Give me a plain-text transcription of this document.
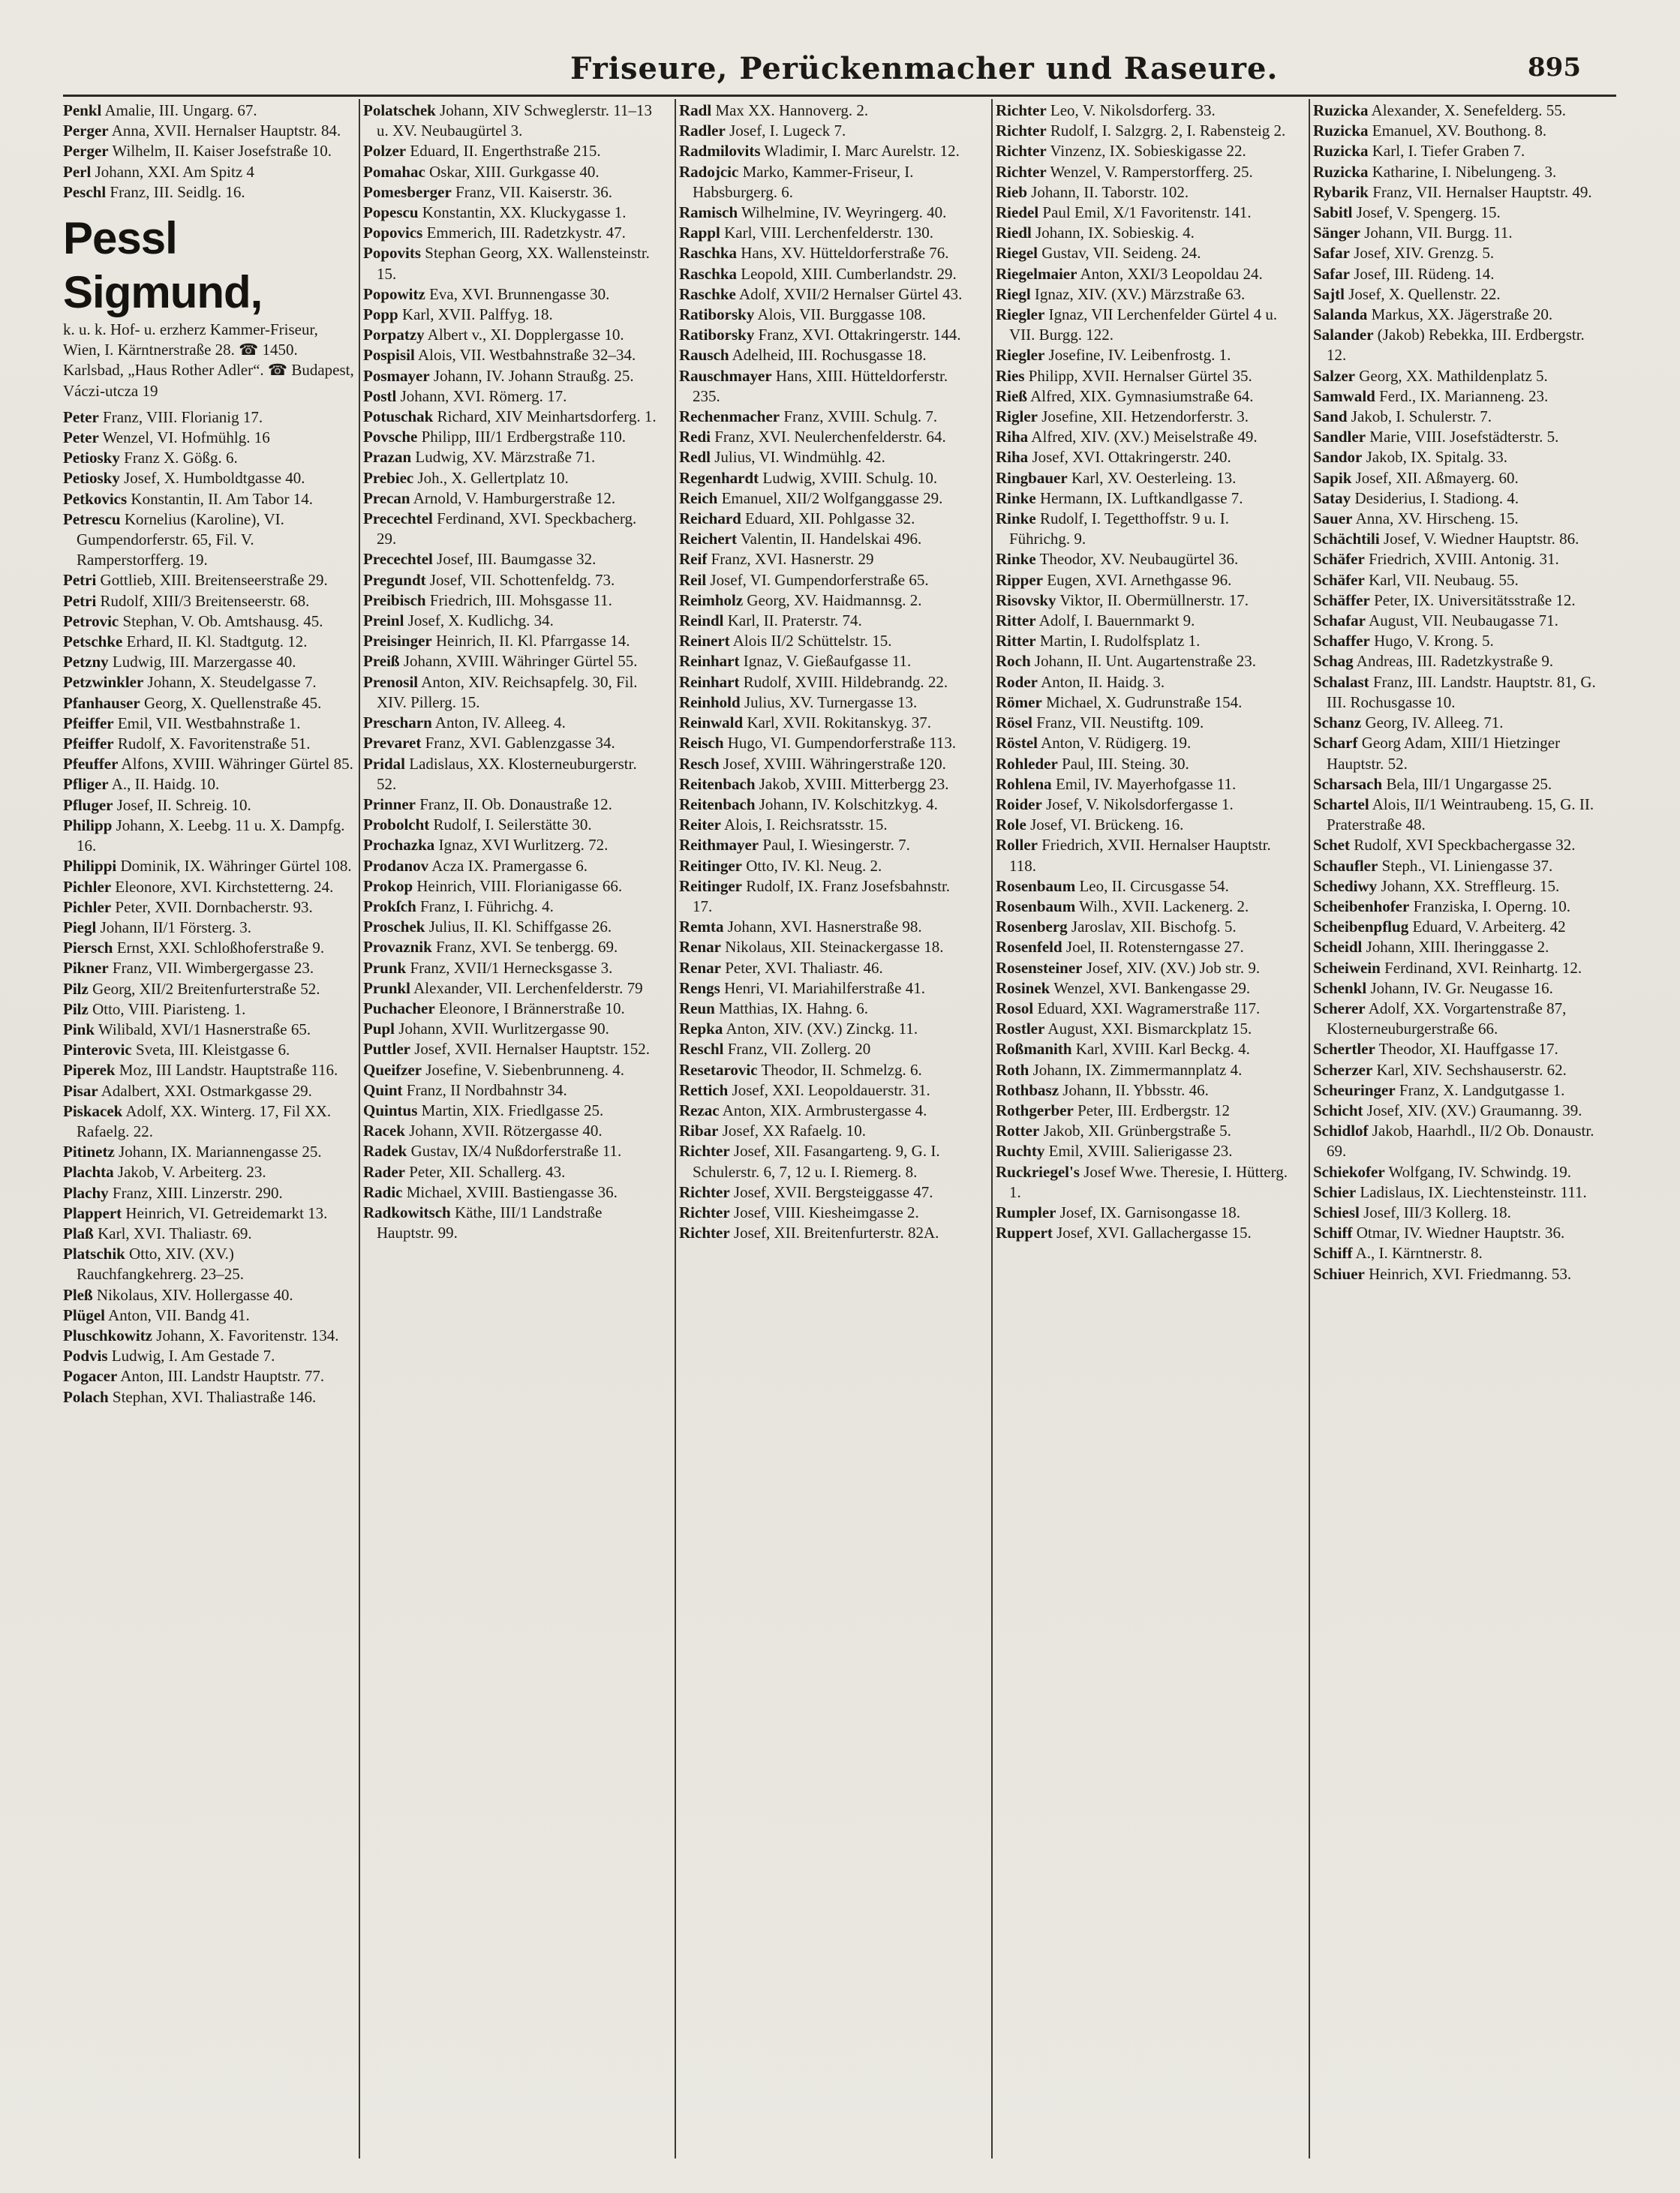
Friseure, Perückenmacher und Raseure.	895

Penkl Amalie, III. Ungarg. 67.

Perger Anna, XVII. Hernalser Hauptstr. 84.

Perger Wilhelm, II. Kaiser Josefstraße 10.

Perl Johann, XXI. Am Spitz 4

Peschl Franz, III. Seidlg. 16.

Pessl Sigmund,
k. u. k. Hof- u. erzherz Kammer-Friseur, Wien, I. Kärntnerstraße 28. ☎ 1450. Karlsbad, „Haus Rother Adler“. ☎ Budapest, Váczi-utcza 19

Peter Franz, VIII. Florianig 17.

Peter Wenzel, VI. Hofmühlg. 16

Petiosky Franz X. Gößg. 6.

Petiosky Josef, X. Humboldtgasse 40.

Petkovics Konstantin, II. Am Tabor 14.

Petrescu Kornelius (Karoline), VI. Gumpendorferstr. 65, Fil. V. Ramperstorfferg. 19.

Petri Gottlieb, XIII. Breitenseerstraße 29.

Petri Rudolf, XIII/3 Breitenseerstr. 68.

Petrovic Stephan, V. Ob. Amtshausg. 45.

Petschke Erhard, II. Kl. Stadtgutg. 12.

Petzny Ludwig, III. Marzergasse 40.

Petzwinkler Johann, X. Steudelgasse 7.

Pfanhauser Georg, X. Quellenstraße 45.

Pfeiffer Emil, VII. Westbahnstraße 1.

Pfeiffer Rudolf, X. Favoritenstraße 51.

Pfeuffer Alfons, XVIII. Währinger Gürtel 85.

Pfliger A., II. Haidg. 10.

Pfluger Josef, II. Schreig. 10.

Philipp Johann, X. Leebg. 11 u. X. Dampfg. 16.

Philippi Dominik, IX. Währinger Gürtel 108.

Pichler Eleonore, XVI. Kirchstetterng. 24.

Pichler Peter, XVII. Dornbacherstr. 93.

Piegl Johann, II/1 Försterg. 3.

Piersch Ernst, XXI. Schloßhoferstraße 9.

Pikner Franz, VII. Wimbergergasse 23.

Pilz Georg, XII/2 Breitenfurterstraße 52.

Pilz Otto, VIII. Piaristeng. 1.

Pink Wilibald, XVI/1 Hasnerstraße 65.

Pinterovic Sveta, III. Kleistgasse 6.

Piperek Moz, III Landstr. Hauptstraße 116.

Pisar Adalbert, XXI. Ostmarkgasse 29.

Piskacek Adolf, XX. Winterg. 17, Fil XX. Rafaelg. 22.

Pitinetz Johann, IX. Mariannengasse 25.

Plachta Jakob, V. Arbeiterg. 23.

Plachy Franz, XIII. Linzerstr. 290.

Plappert Heinrich, VI. Getreidemarkt 13.

Plaß Karl, XVI. Thaliastr. 69.

Platschik Otto, XIV. (XV.) Rauchfangkehrerg. 23–25.

Pleß Nikolaus, XIV. Hollergasse 40.

Plügel Anton, VII. Bandg 41.

Pluschkowitz Johann, X. Favoritenstr. 134.

Podvis Ludwig, I. Am Gestade 7.

Pogacer Anton, III. Landstr Hauptstr. 77.

Polach Stephan, XVI. Thaliastraße 146.

Polatschek Johann, XIV Schweglerstr. 11–13 u. XV. Neubaugürtel 3.

Polzer Eduard, II. Engerthstraße 215.

Pomahac Oskar, XIII. Gurkgasse 40.

Pomesberger Franz, VII. Kaiserstr. 36.

Popescu Konstantin, XX. Kluckygasse 1.

Popovics Emmerich, III. Radetzkystr. 47.

Popovits Stephan Georg, XX. Wallensteinstr. 15.

Popowitz Eva, XVI. Brunnengasse 30.

Popp Karl, XVII. Palffyg. 18.

Porpatzy Albert v., XI. Dopplergasse 10.

Pospisil Alois, VII. Westbahnstraße 32–34.

Posmayer Johann, IV. Johann Straußg. 25.

Postl Johann, XVI. Römerg. 17.

Potuschak Richard, XIV Meinhartsdorferg. 1.

Povsche Philipp, III/1 Erdbergstraße 110.

Prazan Ludwig, XV. Märzstraße 71.

Prebiec Joh., X. Gellertplatz 10.

Precan Arnold, V. Hamburgerstraße 12.

Precechtel Ferdinand, XVI. Speckbacherg. 29.

Precechtel Josef, III. Baumgasse 32.

Pregundt Josef, VII. Schottenfeldg. 73.

Preibisch Friedrich, III. Mohsgasse 11.

Preinl Josef, X. Kudlichg. 34.

Preisinger Heinrich, II. Kl. Pfarrgasse 14.

Preiß Johann, XVIII. Währinger Gürtel 55.

Prenosil Anton, XIV. Reichsapfelg. 30, Fil. XIV. Pillerg. 15.

Prescharn Anton, IV. Alleeg. 4.

Prevaret Franz, XVI. Gablenzgasse 34.

Pridal Ladislaus, XX. Klosterneuburgerstr. 52.

Prinner Franz, II. Ob. Donaustraße 12.

Probolcht Rudolf, I. Seilerstätte 30.

Prochazka Ignaz, XVI Wurlitzerg. 72.

Prodanov Acza IX. Pramergasse 6.

Prokop Heinrich, VIII. Florianigasse 66.

Prokſch Franz, I. Führichg. 4.

Proschek Julius, II. Kl. Schiffgasse 26.

Provaznik Franz, XVI. Se tenbergg. 69.

Prunk Franz, XVII/1 Hernecksgasse 3.

Prunkl Alexander, VII. Lerchenfelderstr. 79

Puchacher Eleonore, I Brännerstraße 10.

Pupl Johann, XVII. Wurlitzergasse 90.

Puttler Josef, XVII. Hernalser Hauptstr. 152.

Queifzer Josefine, V. Siebenbrunneng. 4.

Quint Franz, II Nordbahnstr 34.

Quintus Martin, XIX. Friedlgasse 25.

Racek Johann, XVII. Rötzergasse 40.

Radek Gustav, IX/4 Nußdorferstraße 11.

Rader Peter, XII. Schallerg. 43.

Radic Michael, XVIII. Bastiengasse 36.

Radkowitsch Käthe, III/1 Landstraße Hauptstr. 99.

Radl Max XX. Hannoverg. 2.

Radler Josef, I. Lugeck 7.

Radmilovits Wladimir, I. Marc Aurelstr. 12.

Radojcic Marko, Kammer-Friseur, I. Habsburgerg. 6.

Ramisch Wilhelmine, IV. Weyringerg. 40.

Rappl Karl, VIII. Lerchenfelderstr. 130.

Raschka Hans, XV. Hütteldorferstraße 76.

Raschka Leopold, XIII. Cumberlandstr. 29.

Raschke Adolf, XVII/2 Hernalser Gürtel 43.

Ratiborsky Alois, VII. Burggasse 108.

Ratiborsky Franz, XVI. Ottakringerstr. 144.

Rausch Adelheid, III. Rochusgasse 18.

Rauschmayer Hans, XIII. Hütteldorferstr. 235.

Rechenmacher Franz, XVIII. Schulg. 7.

Redi Franz, XVI. Neulerchenfelderstr. 64.

Redl Julius, VI. Windmühlg. 42.

Regenhardt Ludwig, XVIII. Schulg. 10.

Reich Emanuel, XII/2 Wolfganggasse 29.

Reichard Eduard, XII. Pohlgasse 32.

Reichert Valentin, II. Handelskai 496.

Reif Franz, XVI. Hasnerstr. 29

Reil Josef, VI. Gumpendorferstraße 65.

Reimholz Georg, XV. Haidmannsg. 2.

Reindl Karl, II. Praterstr. 74.

Reinert Alois II/2 Schüttelstr. 15.

Reinhart Ignaz, V. Gießaufgasse 11.

Reinhart Rudolf, XVIII. Hildebrandg. 22.

Reinhold Julius, XV. Turnergasse 13.

Reinwald Karl, XVII. Rokitanskyg. 37.

Reisch Hugo, VI. Gumpendorferstraße 113.

Resch Josef, XVIII. Währingerstraße 120.

Reitenbach Jakob, XVIII. Mitterbergg 23.

Reitenbach Johann, IV. Kolschitzkyg. 4.

Reiter Alois, I. Reichsratsstr. 15.

Reithmayer Paul, I. Wiesingerstr. 7.

Reitinger Otto, IV. Kl. Neug. 2.

Reitinger Rudolf, IX. Franz Josefsbahnstr. 17.

Remta Johann, XVI. Hasnerstraße 98.

Renar Nikolaus, XII. Steinackergasse 18.

Renar Peter, XVI. Thaliastr. 46.

Rengs Henri, VI. Mariahilferstraße 41.

Reun Matthias, IX. Hahng. 6.

Repka Anton, XIV. (XV.) Zinckg. 11.

Reschl Franz, VII. Zollerg. 20

Resetarovic Theodor, II. Schmelzg. 6.

Rettich Josef, XXI. Leopoldauerstr. 31.

Rezac Anton, XIX. Armbrustergasse 4.

Ribar Josef, XX Rafaelg. 10.

Richter Josef, XII. Fasangarteng. 9, G. I. Schulerstr. 6, 7, 12 u. I. Riemerg. 8.

Richter Josef, XVII. Bergsteiggasse 47.

Richter Josef, VIII. Kiesheimgasse 2.

Richter Josef, XII. Breitenfurterstr. 82A.

Richter Leo, V. Nikolsdorferg. 33.

Richter Rudolf, I. Salzgrg. 2, I. Rabensteig 2.

Richter Vinzenz, IX. Sobieskigasse 22.

Richter Wenzel, V. Ramperstorfferg. 25.

Rieb Johann, II. Taborstr. 102.

Riedel Paul Emil, X/1 Favoritenstr. 141.

Riedl Johann, IX. Sobieskig. 4.

Riegel Gustav, VII. Seideng. 24.

Riegelmaier Anton, XXI/3 Leopoldau 24.

Riegl Ignaz, XIV. (XV.) Märzstraße 63.

Riegler Ignaz, VII Lerchenfelder Gürtel 4 u. VII. Burgg. 122.

Riegler Josefine, IV. Leibenfrostg. 1.

Ries Philipp, XVII. Hernalser Gürtel 35.

Rieß Alfred, XIX. Gymnasiumstraße 64.

Rigler Josefine, XII. Hetzendorferstr. 3.

Riha Alfred, XIV. (XV.) Meiselstraße 49.

Riha Josef, XVI. Ottakringerstr. 240.

Ringbauer Karl, XV. Oesterleing. 13.

Rinke Hermann, IX. Luftkandlgasse 7.

Rinke Rudolf, I. Tegetthoffstr. 9 u. I. Führichg. 9.

Rinke Theodor, XV. Neubaugürtel 36.

Ripper Eugen, XVI. Arnethgasse 96.

Risovsky Viktor, II. Obermüllnerstr. 17.

Ritter Adolf, I. Bauernmarkt 9.

Ritter Martin, I. Rudolfsplatz 1.

Roch Johann, II. Unt. Augartenstraße 23.

Roder Anton, II. Haidg. 3.

Römer Michael, X. Gudrunstraße 154.

Rösel Franz, VII. Neustiftg. 109.

Röstel Anton, V. Rüdigerg. 19.

Rohleder Paul, III. Steing. 30.

Rohlena Emil, IV. Mayerhofgasse 11.

Roider Josef, V. Nikolsdorfergasse 1.

Role Josef, VI. Brückeng. 16.

Roller Friedrich, XVII. Hernalser Hauptstr. 118.

Rosenbaum Leo, II. Circusgasse 54.

Rosenbaum Wilh., XVII. Lackenerg. 2.

Rosenberg Jaroslav, XII. Bischofg. 5.

Rosenfeld Joel, II. Rotensterngasse 27.

Rosensteiner Josef, XIV. (XV.) Job str. 9.

Rosinek Wenzel, XVI. Bankengasse 29.

Rosol Eduard, XXI. Wagramerstraße 117.

Rostler August, XXI. Bismarckplatz 15.

Roßmanith Karl, XVIII. Karl Beckg. 4.

Roth Johann, IX. Zimmermannplatz 4.

Rothbasz Johann, II. Ybbsstr. 46.

Rothgerber Peter, III. Erdbergstr. 12

Rotter Jakob, XII. Grünbergstraße 5.

Ruchty Emil, XVIII. Salierigasse 23.

Ruckriegel's Josef Wwe. Theresie, I. Hütterg. 1.

Rumpler Josef, IX. Garnisongasse 18.

Ruppert Josef, XVI. Gallachergasse 15.

Ruzicka Alexander, X. Senefelderg. 55.

Ruzicka Emanuel, XV. Bouthong. 8.

Ruzicka Karl, I. Tiefer Graben 7.

Ruzicka Katharine, I. Nibelungeng. 3.

Rybarik Franz, VII. Hernalser Hauptstr. 49.

Sabitl Josef, V. Spengerg. 15.

Sänger Johann, VII. Burgg. 11.

Safar Josef, XIV. Grenzg. 5.

Safar Josef, III. Rüdeng. 14.

Sajtl Josef, X. Quellenstr. 22.

Salanda Markus, XX. Jägerstraße 20.

Salander (Jakob) Rebekka, III. Erdbergstr. 12.

Salzer Georg, XX. Mathildenplatz 5.

Samwald Ferd., IX. Marianneng. 23.

Sand Jakob, I. Schulerstr. 7.

Sandler Marie, VIII. Josefstädterstr. 5.

Sandor Jakob, IX. Spitalg. 33.

Sapik Josef, XII. Aßmayerg. 60.

Satay Desiderius, I. Stadiong. 4.

Sauer Anna, XV. Hirscheng. 15.

Schächtili Josef, V. Wiedner Hauptstr. 86.

Schäfer Friedrich, XVIII. Antonig. 31.

Schäfer Karl, VII. Neubaug. 55.

Schäffer Peter, IX. Universitätsstraße 12.

Schafar August, VII. Neubaugasse 71.

Schaffer Hugo, V. Krong. 5.

Schag Andreas, III. Radetzkystraße 9.

Schalast Franz, III. Landstr. Hauptstr. 81, G. III. Rochusgasse 10.

Schanz Georg, IV. Alleeg. 71.

Scharf Georg Adam, XIII/1 Hietzinger Hauptstr. 52.

Scharsach Bela, III/1 Ungargasse 25.

Schartel Alois, II/1 Weintraubeng. 15, G. II. Praterstraße 48.

Schet Rudolf, XVI Speckbachergasse 32.

Schaufler Steph., VI. Liniengasse 37.

Schediwy Johann, XX. Streffleurg. 15.

Scheibenhofer Franziska, I. Operng. 10.

Scheibenpflug Eduard, V. Arbeiterg. 42

Scheidl Johann, XIII. Iheringgasse 2.

Scheiwein Ferdinand, XVI. Reinhartg. 12.

Schenkl Johann, IV. Gr. Neugasse 16.

Scherer Adolf, XX. Vorgartenstraße 87, Klosterneuburgerstraße 66.

Schertler Theodor, XI. Hauffgasse 17.

Scherzer Karl, XIV. Sechshauserstr. 62.

Scheuringer Franz, X. Landgutgasse 1.

Schicht Josef, XIV. (XV.) Graumanng. 39.

Schidlof Jakob, Haarhdl., II/2 Ob. Donaustr. 69.

Schiekofer Wolfgang, IV. Schwindg. 19.

Schier Ladislaus, IX. Liechtensteinstr. 111.

Schiesl Josef, III/3 Kollerg. 18.

Schiff Otmar, IV. Wiedner Hauptstr. 36.

Schiff A., I. Kärntnerstr. 8.

Schiuer Heinrich, XVI. Friedmanng. 53.
